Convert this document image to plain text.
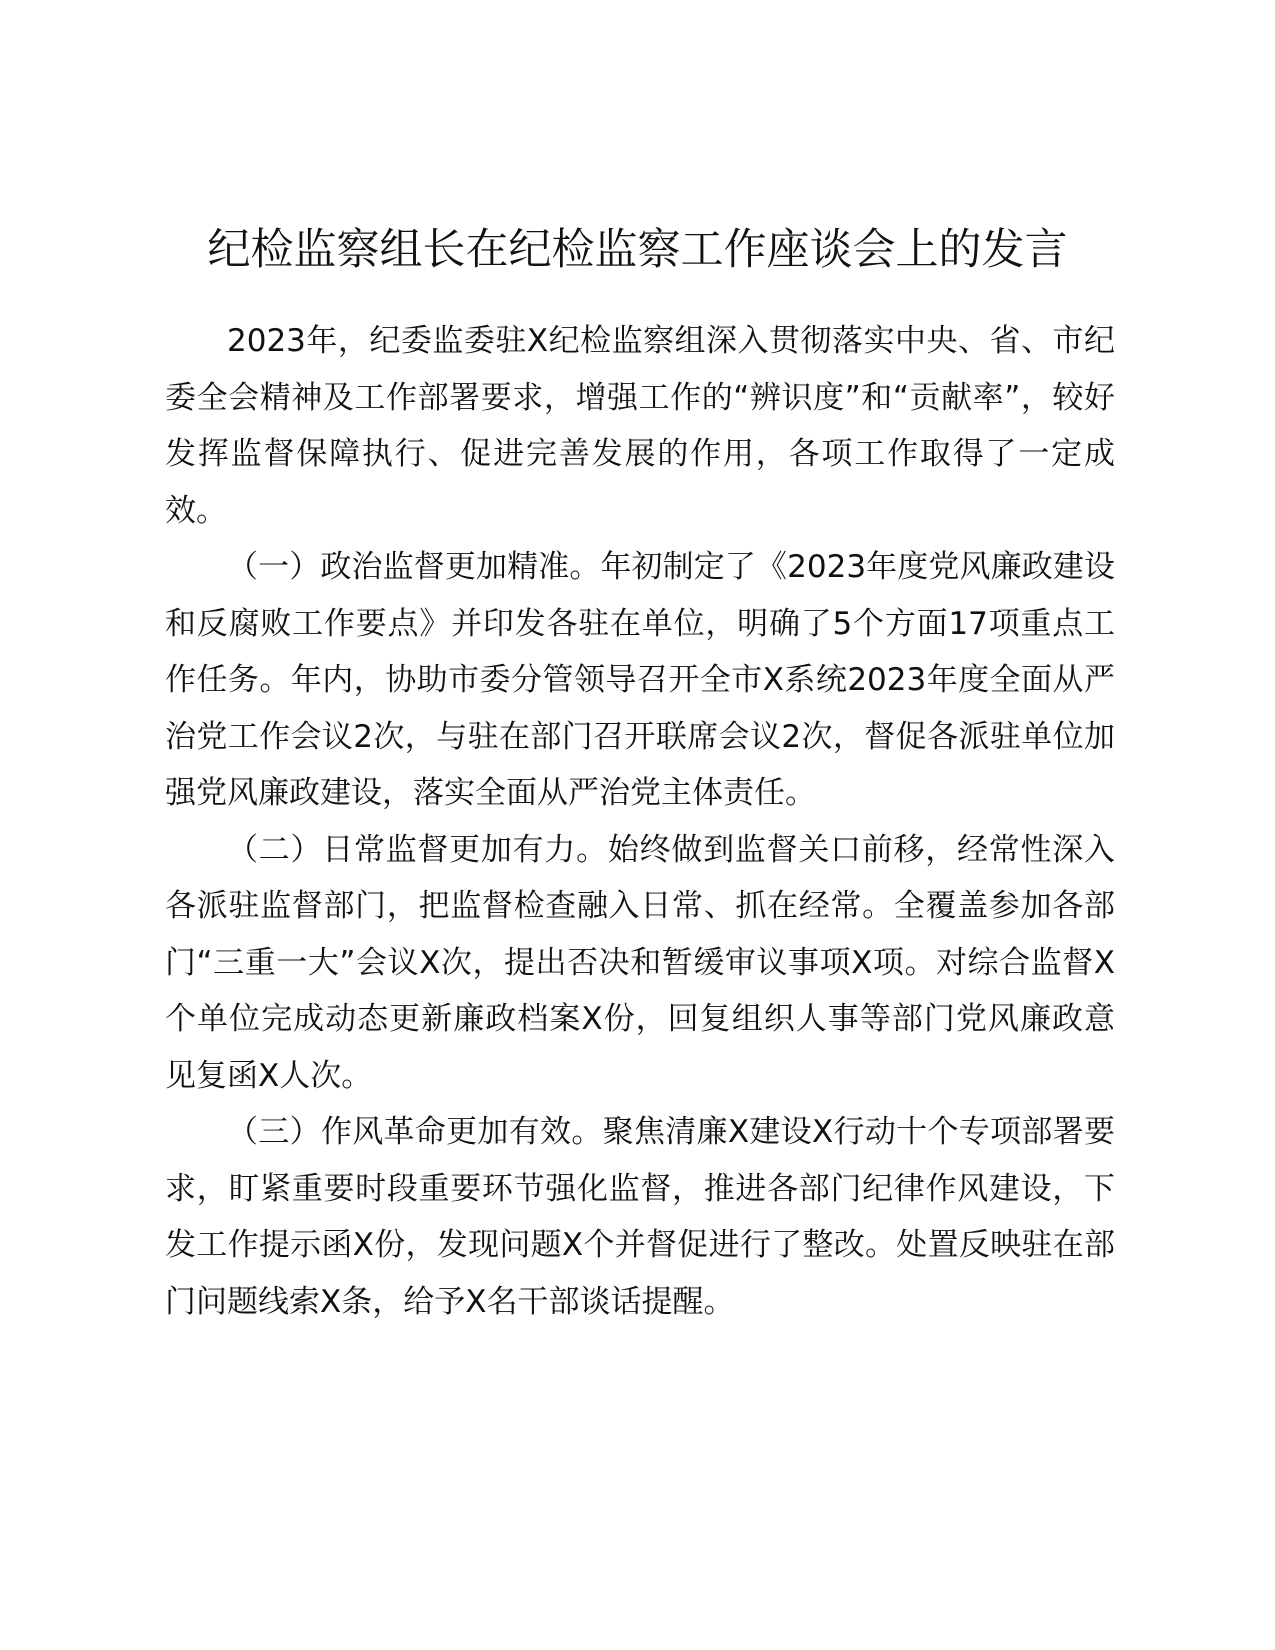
纪检监察组长在纪检监察工作座谈会上的发言

2023年，纪委监委驻X纪检监察组深入贯彻落实中央、省、市纪委全会精神及工作部署要求，增强工作的“辨识度”和“贡献率”，较好发挥监督保障执行、促进完善发展的作用，各项工作取得了一定成效。

（一）政治监督更加精准。年初制定了《2023年度党风廉政建设和反腐败工作要点》并印发各驻在单位，明确了5个方面17项重点工作任务。年内，协助市委分管领导召开全市X系统2023年度全面从严治党工作会议2次，与驻在部门召开联席会议2次，督促各派驻单位加强党风廉政建设，落实全面从严治党主体责任。

（二）日常监督更加有力。始终做到监督关口前移，经常性深入各派驻监督部门，把监督检查融入日常、抓在经常。全覆盖参加各部门“三重一大”会议X次，提出否决和暂缓审议事项X项。对综合监督X个单位完成动态更新廉政档案X份，回复组织人事等部门党风廉政意见复函X人次。

（三）作风革命更加有效。聚焦清廉X建设X行动十个专项部署要求，盯紧重要时段重要环节强化监督，推进各部门纪律作风建设，下发工作提示函X份，发现问题X个并督促进行了整改。处置反映驻在部门问题线索X条，给予X名干部谈话提醒。
